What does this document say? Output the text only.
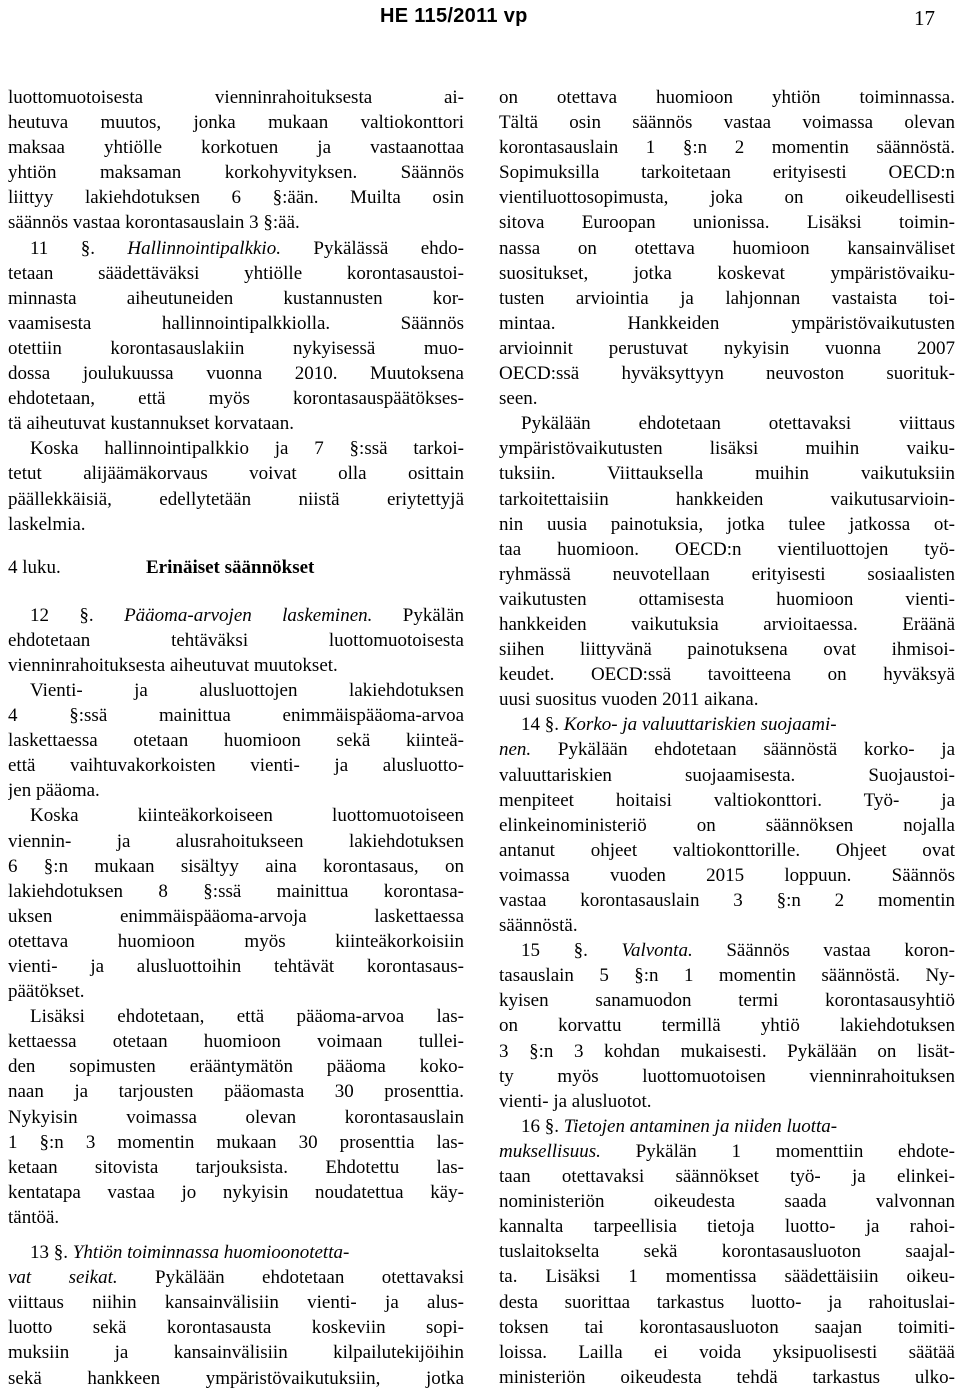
HE 115/2011 vp	17
luottomuotoisesta vienninrahoituksesta ai-
heutuva muutos, jonka mukaan valtiokonttori
maksaa yhtiölle korkotuen ja vastaanottaa
yhtiön maksaman korkohyvityksen. Säännös
liittyy lakiehdotuksen 6 §:ään. Muilta osin
säännös vastaa korontasauslain 3 §:ää.
11 §. Hallinnointipalkkio. Pykälässä ehdo-
tetaan säädettäväksi yhtiölle korontasaustoi-
minnasta aiheutuneiden kustannusten kor-
vaamisesta hallinnointipalkkiolla. Säännös
otettiin korontasauslakiin nykyisessä muo-
dossa joulukuussa vuonna 2010. Muutoksena
ehdotetaan, että myös korontasauspäätökses-
tä aiheutuvat kustannukset korvataan.
Koska hallinnointipalkkio ja 7 §:ssä tarkoi-
tetut alijäämäkorvaus voivat olla osittain
päällekkäisiä, edellytetään niistä eriytettyjä
laskelmia.
4 luku.	Erinäiset säännökset
12 §. Pääoma-arvojen laskeminen. Pykälän
ehdotetaan tehtäväksi luottomuotoisesta
vienninrahoituksesta aiheutuvat muutokset.
Vienti- ja alusluottojen lakiehdotuksen
4 §:ssä mainittua enimmäispääoma-arvoa
laskettaessa otetaan huomioon sekä kiinteä-
että vaihtuvakorkoisten vienti- ja alusluotto-
jen pääoma.
Koska kiinteäkorkoiseen luottomuotoiseen
viennin- ja alusrahoitukseen lakiehdotuksen
6 §:n mukaan sisältyy aina korontasaus, on
lakiehdotuksen 8 §:ssä mainittua korontasa-
uksen enimmäispääoma-arvoja laskettaessa
otettava huomioon myös kiinteäkorkoisiin
vienti- ja alusluottoihin tehtävät korontasaus-
päätökset.
Lisäksi ehdotetaan, että pääoma-arvoa las-
kettaessa otetaan huomioon voimaan tullei-
den sopimusten erääntymätön pääoma koko-
naan ja tarjousten pääomasta 30 prosenttia.
Nykyisin voimassa olevan korontasauslain
1 §:n 3 momentin mukaan 30 prosenttia las-
ketaan sitovista tarjouksista. Ehdotettu las-
kentatapa vastaa jo nykyisin noudatettua käy-
täntöä.
13 §. Yhtiön toiminnassa huomioonotetta-
vat seikat. Pykälään ehdotetaan otettavaksi
viittaus niihin kansainvälisiin vienti- ja alus-
luotto sekä korontasausta koskeviin sopi-
muksiin ja kansainvälisiin kilpailutekijöihin
sekä hankkeen ympäristövaikutuksiin, jotka
on otettava huomioon yhtiön toiminnassa.
Tältä osin säännös vastaa voimassa olevan
korontasauslain 1 §:n 2 momentin säännöstä.
Sopimuksilla tarkoitetaan erityisesti OECD:n
vientiluottosopimusta, joka on oikeudellisesti
sitova Euroopan unionissa. Lisäksi toimin-
nassa on otettava huomioon kansainväliset
suositukset, jotka koskevat ympäristövaiku-
tusten arviointia ja lahjonnan vastaista toi-
mintaa. Hankkeiden ympäristövaikutusten
arvioinnit perustuvat nykyisin vuonna 2007
OECD:ssä hyväksyttyyn neuvoston suorituk-
seen.
Pykälään ehdotetaan otettavaksi viittaus
ympäristövaikutusten lisäksi muihin vaiku-
tuksiin. Viittauksella muihin vaikutuksiin
tarkoitettaisiin hankkeiden vaikutusarvioin-
nin uusia painotuksia, jotka tulee jatkossa ot-
taa huomioon. OECD:n vientiluottojen työ-
ryhmässä neuvotellaan erityisesti sosiaalisten
vaikutusten ottamisesta huomioon vienti-
hankkeiden vaikutuksia arvioitaessa. Eräänä
siihen liittyvänä painotuksena ovat ihmisoi-
keudet. OECD:ssä tavoitteena on hyväksyä
uusi suositus vuoden 2011 aikana.
14 §. Korko- ja valuuttariskien suojaami-
nen. Pykälään ehdotetaan säännöstä korko- ja
valuuttariskien suojaamisesta. Suojaustoi-
menpiteet hoitaisi valtiokonttori. Työ- ja
elinkeinoministeriö on säännöksen nojalla
antanut ohjeet valtiokonttorille. Ohjeet ovat
voimassa vuoden 2015 loppuun. Säännös
vastaa korontasauslain 3 §:n 2 momentin
säännöstä.
15 §. Valvonta. Säännös vastaa koron-
tasauslain 5 §:n 1 momentin säännöstä. Ny-
kyisen sanamuodon termi korontasausyhtiö
on korvattu termillä yhtiö lakiehdotuksen
3 §:n 3 kohdan mukaisesti. Pykälään on lisät-
ty myös luottomuotoisen vienninrahoituksen
vienti- ja alusluotot.
16 §. Tietojen antaminen ja niiden luotta-
muksellisuus. Pykälän 1 momenttiin ehdote-
taan otettavaksi säännökset työ- ja elinkei-
noministeriön oikeudesta saada valvonnan
kannalta tarpeellisia tietoja luotto- ja rahoi-
tuslaitokselta sekä korontasausluoton saajal-
ta. Lisäksi 1 momentissa säädettäisiin oikeu-
desta suorittaa tarkastus luotto- ja rahoituslai-
toksen tai korontasausluoton saajan toimiti-
loissa. Lailla ei voida yksipuolisesti säätää
ministeriön oikeudesta tehdä tarkastus ulko-
